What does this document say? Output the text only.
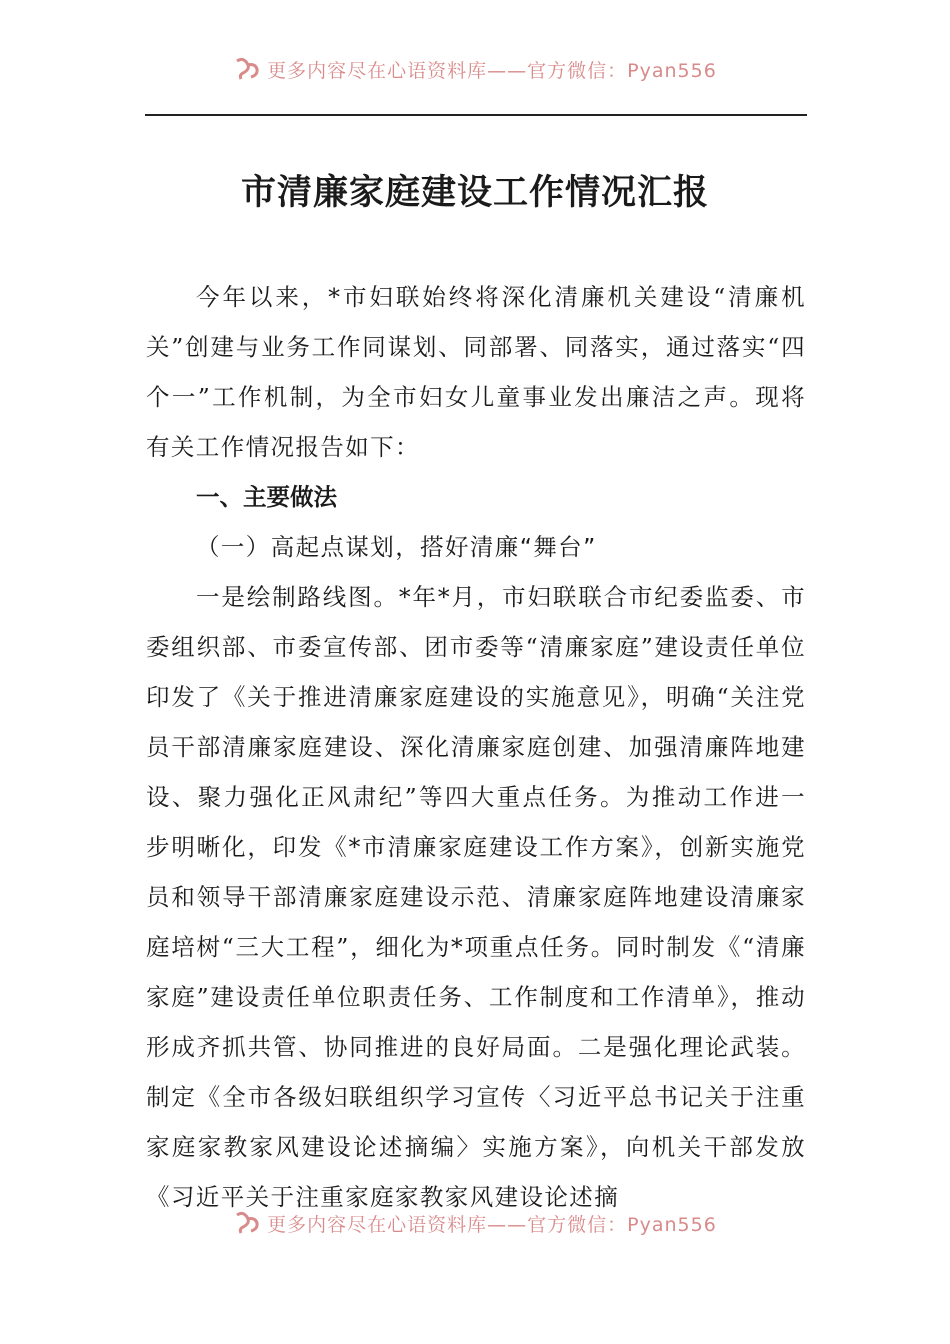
更多内容尽在心语资料库——官方微信：Pyan556
市清廉家庭建设工作情况汇报

今年以来，*市妇联始终将深化清廉机关建设“清廉机关”创建与业务工作同谋划、同部署、同落实，通过落实“四个一”工作机制，为全市妇女儿童事业发出廉洁之声。现将有关工作情况报告如下：

一、主要做法

（一）高起点谋划，搭好清廉“舞台”

一是绘制路线图。*年*月，市妇联联合市纪委监委、市委组织部、市委宣传部、团市委等“清廉家庭”建设责任单位印发了《关于推进清廉家庭建设的实施意见》，明确“关注党员干部清廉家庭建设、深化清廉家庭创建、加强清廉阵地建设、聚力强化正风肃纪”等四大重点任务。为推动工作进一步明晰化，印发《*市清廉家庭建设工作方案》，创新实施党员和领导干部清廉家庭建设示范、清廉家庭阵地建设清廉家庭培树“三大工程”，细化为*项重点任务。同时制发《“清廉家庭”建设责任单位职责任务、工作制度和工作清单》，推动形成齐抓共管、协同推进的良好局面。二是强化理论武装。制定《全市各级妇联组织学习宣传〈习近平总书记关于注重家庭家教家风建设论述摘编〉实施方案》，向机关干部发放《习近平关于注重家庭家教家风建设论述摘

更多内容尽在心语资料库——官方微信：Pyan556
